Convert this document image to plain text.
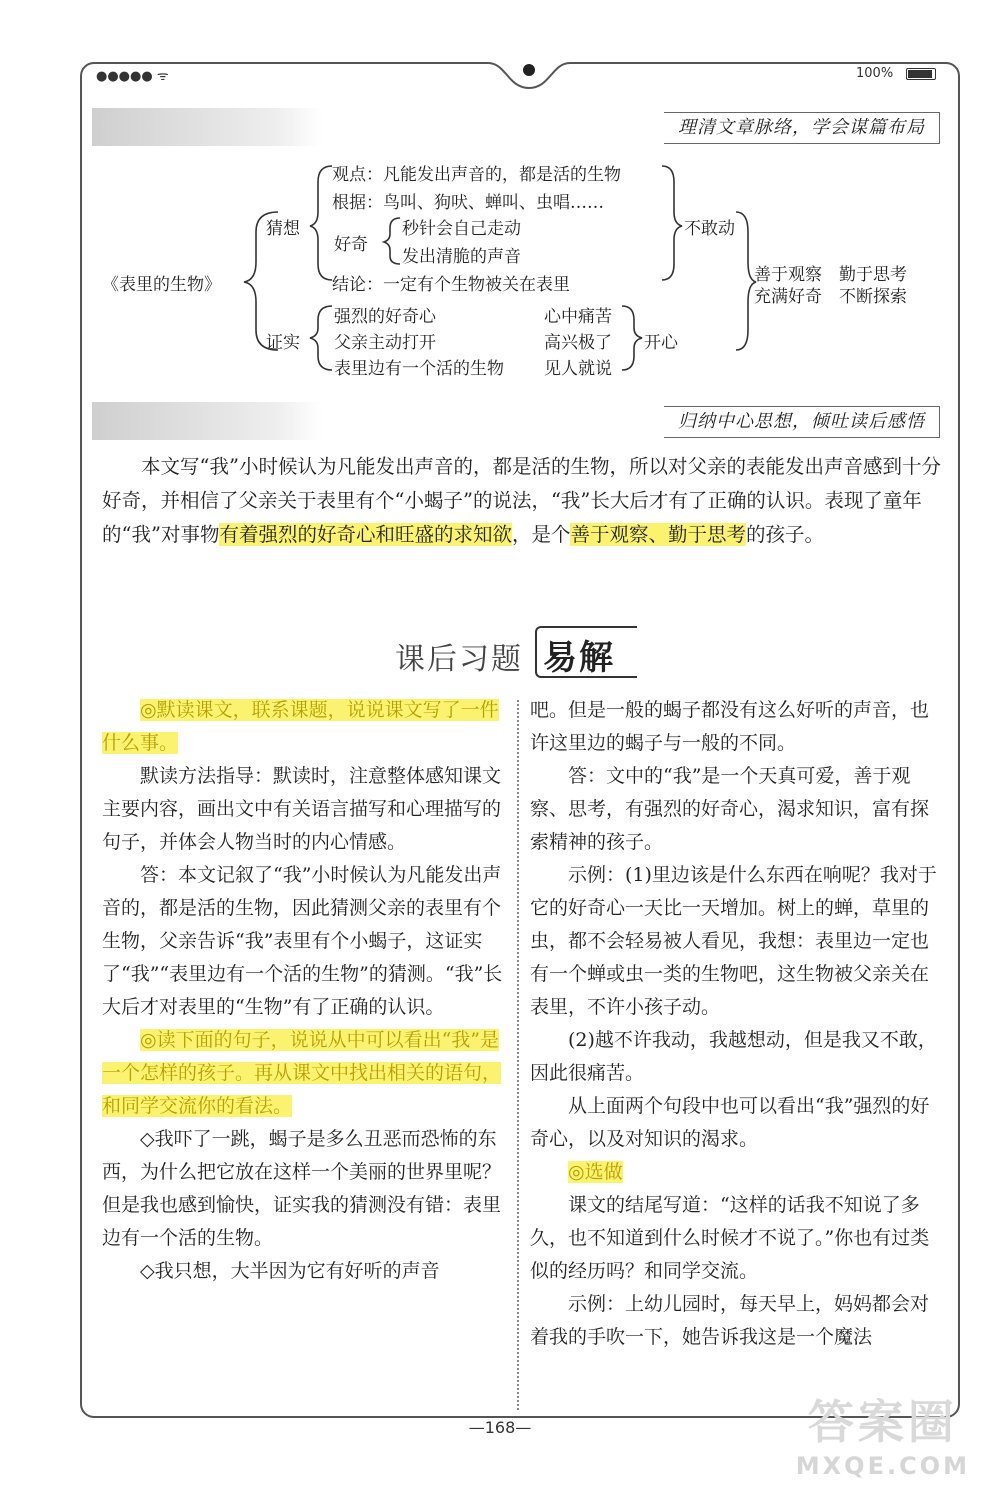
●●●●● ᯤ	100%
理清文章脉络，学会谋篇布局
《表里的生物》
猜想
证实
观点：凡能发出声音的，都是活的生物
根据：鸟叫、狗吠、蝉叫、虫唱……
好奇
秒针会自己走动
发出清脆的声音
结论：一定有个生物被关在表里
不敢动
强烈的好奇心
父亲主动打开
表里边有一个活的生物
心中痛苦
高兴极了
见人就说
开心
善于观察　勤于思考
充满好奇　不断探索
归纳中心思想，倾吐读后感悟
本文写“我”小时候认为凡能发出声音的，都是活的生物，所以对父亲的表能发出声音感到十分好奇，并相信了父亲关于表里有个“小蝎子”的说法，“我”长大后才有了正确的认识。表现了童年的“我”对事物有着强烈的好奇心和旺盛的求知欲，是个善于观察、勤于思考的孩子。
课后习题 易解

◎默读课文，联系课题，说说课文写了一件什么事。

默读方法指导：默读时，注意整体感知课文主要内容，画出文中有关语言描写和心理描写的句子，并体会人物当时的内心情感。

答：本文记叙了“我”小时候认为凡能发出声音的，都是活的生物，因此猜测父亲的表里有个生物，父亲告诉“我”表里有个小蝎子，这证实了“我”“表里边有一个活的生物”的猜测。“我”长大后才对表里的“生物”有了正确的认识。

◎读下面的句子，说说从中可以看出“我”是一个怎样的孩子。再从课文中找出相关的语句，和同学交流你的看法。

◇我吓了一跳，蝎子是多么丑恶而恐怖的东西，为什么把它放在这样一个美丽的世界里呢？但是我也感到愉快，证实我的猜测没有错：表里边有一个活的生物。

◇我只想，大半因为它有好听的声音

吧。但是一般的蝎子都没有这么好听的声音，也许这里边的蝎子与一般的不同。

答：文中的“我”是一个天真可爱，善于观察、思考，有强烈的好奇心，渴求知识，富有探索精神的孩子。

示例：(1)里边该是什么东西在响呢？我对于它的好奇心一天比一天增加。树上的蝉，草里的虫，都不会轻易被人看见，我想：表里边一定也有一个蝉或虫一类的生物吧，这生物被父亲关在表里，不许小孩子动。

(2)越不许我动，我越想动，但是我又不敢，因此很痛苦。

从上面两个句段中也可以看出“我”强烈的好奇心，以及对知识的渴求。

◎选做

课文的结尾写道：“这样的话我不知说了多久，也不知道到什么时候才不说了。”你也有过类似的经历吗？和同学交流。

示例：上幼儿园时，每天早上，妈妈都会对着我的手吹一下，她告诉我这是一个魔法

—168—	答案圈
MXQE.COM
